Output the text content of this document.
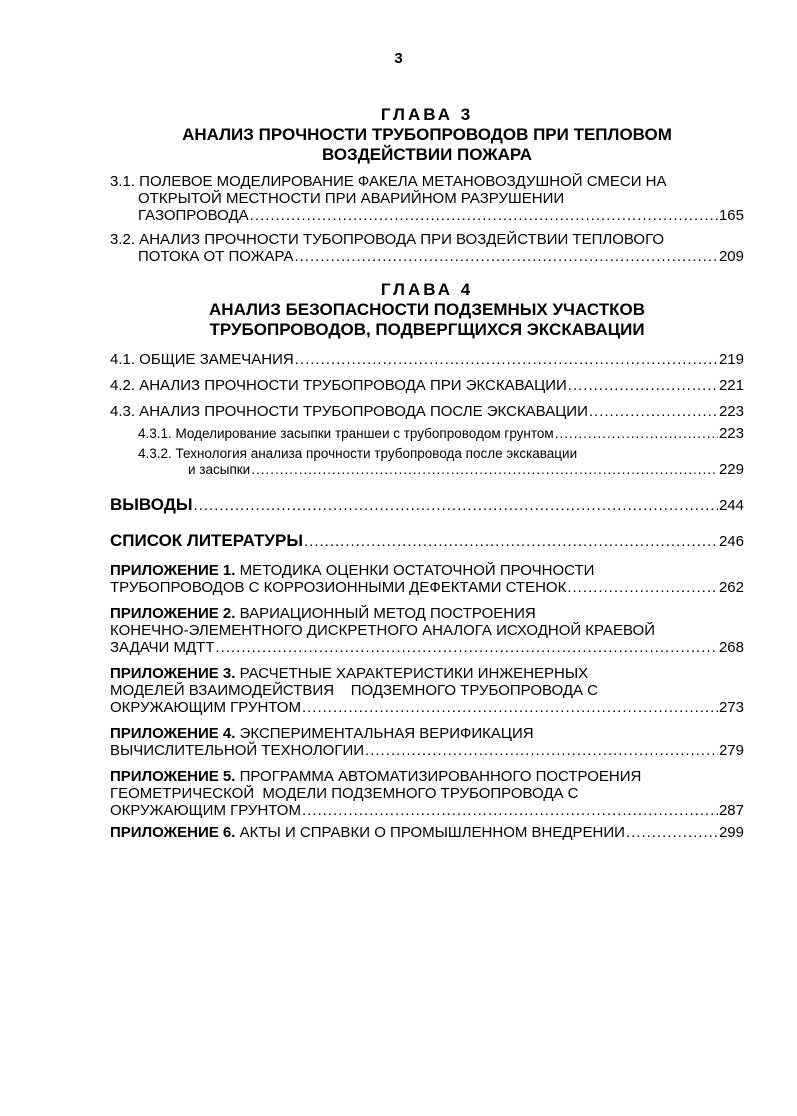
3
ГЛАВА 3
АНАЛИЗ ПРОЧНОСТИ ТРУБОПРОВОДОВ ПРИ ТЕПЛОВОМ
ВОЗДЕЙСТВИИ ПОЖАРА
3.1. ПОЛЕВОЕ МОДЕЛИРОВАНИЕ ФАКЕЛА МЕТАНОВОЗДУШНОЙ СМЕСИ НА
ОТКРЫТОЙ МЕСТНОСТИ ПРИ АВАРИЙНОМ РАЗРУШЕНИИ
ГАЗОПРОВОДА .....	165
3.2. АНАЛИЗ ПРОЧНОСТИ ТУБОПРОВОДА ПРИ ВОЗДЕЙСТВИИ ТЕПЛОВОГО
ПОТОКА ОТ ПОЖАРА .....	209
ГЛАВА 4
АНАЛИЗ БЕЗОПАСНОСТИ ПОДЗЕМНЫХ УЧАСТКОВ
ТРУБОПРОВОДОВ, ПОДВЕРГЩИХСЯ ЭКСКАВАЦИИ
4.1. ОБЩИЕ ЗАМЕЧАНИЯ .....	219
4.2. АНАЛИЗ ПРОЧНОСТИ ТРУБОПРОВОДА ПРИ ЭКСКАВАЦИИ .....	221
4.3. АНАЛИЗ ПРОЧНОСТИ ТРУБОПРОВОДА ПОСЛЕ ЭКСКАВАЦИИ .....	223
4.3.1. Моделирование засыпки траншеи с трубопроводом грунтом .....	223
4.3.2. Технология анализа прочности трубопровода после экскавации
и засыпки .....	229
ВЫВОДЫ .....	244
СПИСОК ЛИТЕРАТУРЫ .....	246
ПРИЛОЖЕНИЕ 1. МЕТОДИКА ОЦЕНКИ ОСТАТОЧНОЙ ПРОЧНОСТИ
ТРУБОПРОВОДОВ С КОРРОЗИОННЫМИ ДЕФЕКТАМИ СТЕНОК .....	262
ПРИЛОЖЕНИЕ 2. ВАРИАЦИОННЫЙ МЕТОД ПОСТРОЕНИЯ
КОНЕЧНО-ЭЛЕМЕНТНОГО ДИСКРЕТНОГО АНАЛОГА ИСХОДНОЙ КРАЕВОЙ
ЗАДАЧИ МДТТ .....	268
ПРИЛОЖЕНИЕ 3. РАСЧЕТНЫЕ ХАРАКТЕРИСТИКИ ИНЖЕНЕРНЫХ
МОДЕЛЕЙ ВЗАИМОДЕЙСТВИЯ    ПОДЗЕМНОГО ТРУБОПРОВОДА С
ОКРУЖАЮЩИМ ГРУНТОМ .....	273
ПРИЛОЖЕНИЕ 4. ЭКСПЕРИМЕНТАЛЬНАЯ ВЕРИФИКАЦИЯ
ВЫЧИСЛИТЕЛЬНОЙ ТЕХНОЛОГИИ .....	279
ПРИЛОЖЕНИЕ 5. ПРОГРАММА АВТОМАТИЗИРОВАННОГО ПОСТРОЕНИЯ
ГЕОМЕТРИЧЕСКОЙ  МОДЕЛИ ПОДЗЕМНОГО ТРУБОПРОВОДА С
ОКРУЖАЮЩИМ ГРУНТОМ .....	287
ПРИЛОЖЕНИЕ 6. АКТЫ И СПРАВКИ О ПРОМЫШЛЕННОМ ВНЕДРЕНИИ .....	299
